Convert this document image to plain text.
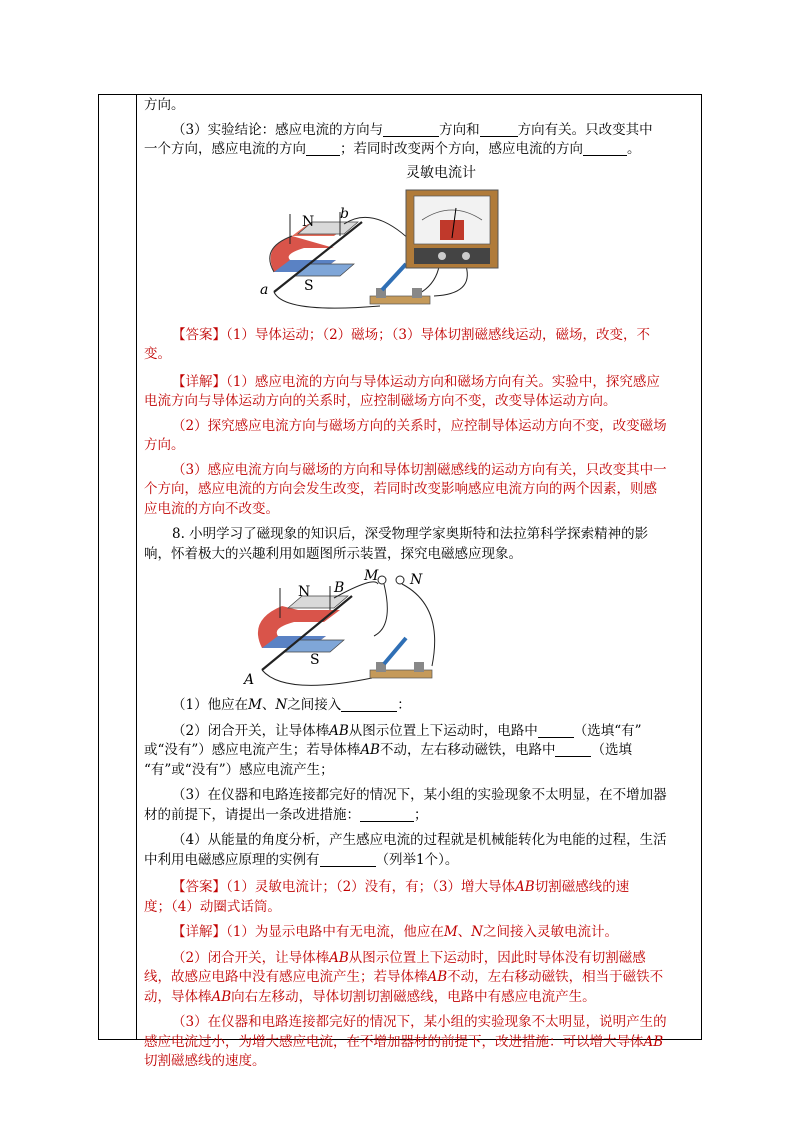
方向。

（3）实验结论：感应电流的方向与	方向和	方向有关。只改变其中

一个方向，感应电流的方向	；若同时改变两个方向，感应电流的方向	。

灵敏电流计
N
S
a
b

【答案】（1）导体运动；（2）磁场；（3）导体切割磁感线运动，磁场，改变，不

变。

【详解】（1）感应电流的方向与导体运动方向和磁场方向有关。实验中，探究感应

电流方向与导体运动方向的关系时，应控制磁场方向不变，改变导体运动方向。

（2）探究感应电流方向与磁场方向的关系时，应控制导体运动方向不变，改变磁场

方向。

（3）感应电流方向与磁场的方向和导体切割磁感线的运动方向有关，只改变其中一

个方向，感应电流的方向会发生改变，若同时改变影响感应电流方向的两个因素，则感

应电流的方向不改变。

8. 小明学习了磁现象的知识后，深受物理学家奥斯特和法拉第科学探索精神的影

响，怀着极大的兴趣利用如题图所示装置，探究电磁感应现象。

N
S
A
B
M N

（1）他应在M、N之间接入	：

（2）闭合开关，让导体棒AB从图示位置上下运动时，电路中	（选填“有”

或“没有”）感应电流产生；若导体棒AB不动，左右移动磁铁，电路中	（选填

“有”或“没有”）感应电流产生；

（3）在仪器和电路连接都完好的情况下，某小组的实验现象不太明显，在不增加器

材的前提下，请提出一条改进措施：	；

（4）从能量的角度分析，产生感应电流的过程就是机械能转化为电能的过程，生活

中利用电磁感应原理的实例有	（列举1个）。

【答案】（1）灵敏电流计；（2）没有，有；（3）增大导体AB切割磁感线的速

度；（4）动圈式话筒。

【详解】（1）为显示电路中有无电流，他应在M、N之间接入灵敏电流计。

（2）闭合开关，让导体棒AB从图示位置上下运动时，因此时导体没有切割磁感

线，故感应电路中没有感应电流产生；若导体棒AB不动，左右移动磁铁，相当于磁铁不

动，导体棒AB向右左移动，导体切割切割磁感线，电路中有感应电流产生。

（3）在仪器和电路连接都完好的情况下，某小组的实验现象不太明显，说明产生的

感应电流过小，为增大感应电流，在不增加器材的前提下，改进措施：可以增大导体AB

切割磁感线的速度。
